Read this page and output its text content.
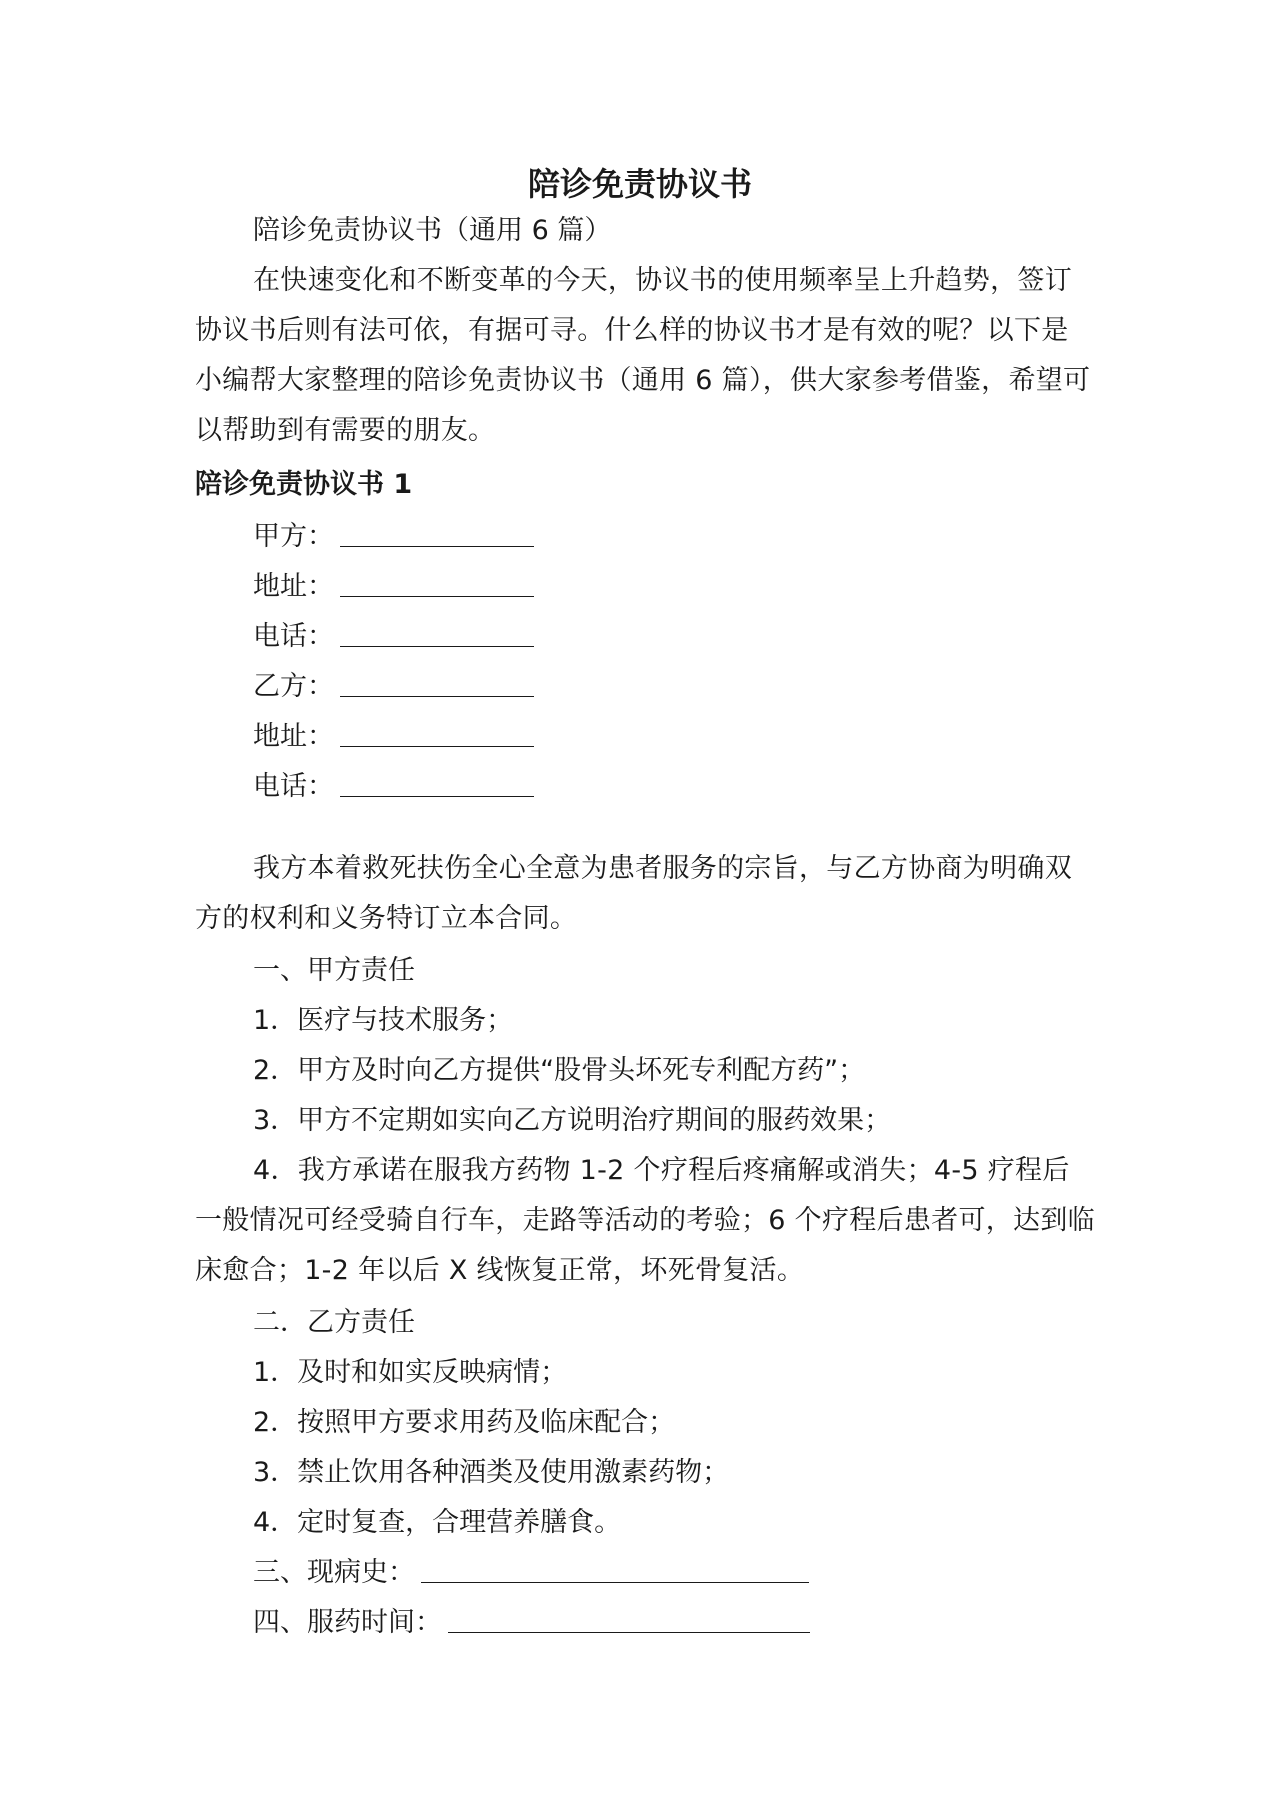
陪诊免责协议书

陪诊免责协议书（通用 6 篇）

在快速变化和不断变革的今天，协议书的使用频率呈上升趋势，签订协议书后则有法可依，有据可寻。什么样的协议书才是有效的呢？以下是小编帮大家整理的陪诊免责协议书（通用 6 篇），供大家参考借鉴，希望可以帮助到有需要的朋友。

陪诊免责协议书 1

甲方：

地址：

电话：

乙方：

地址：

电话：

我方本着救死扶伤全心全意为患者服务的宗旨，与乙方协商为明确双方的权利和义务特订立本合同。

一、甲方责任

1．医疗与技术服务；

2．甲方及时向乙方提供“股骨头坏死专利配方药”；

3．甲方不定期如实向乙方说明治疗期间的服药效果；

4．我方承诺在服我方药物 1-2 个疗程后疼痛解或消失；4-5 疗程后一般情况可经受骑自行车，走路等活动的考验；6 个疗程后患者可，达到临床愈合；1-2 年以后 X 线恢复正常，坏死骨复活。

二．乙方责任

1．及时和如实反映病情；

2．按照甲方要求用药及临床配合；

3．禁止饮用各种酒类及使用激素药物；

4．定时复查，合理营养膳食。

三、现病史：

四、服药时间：
